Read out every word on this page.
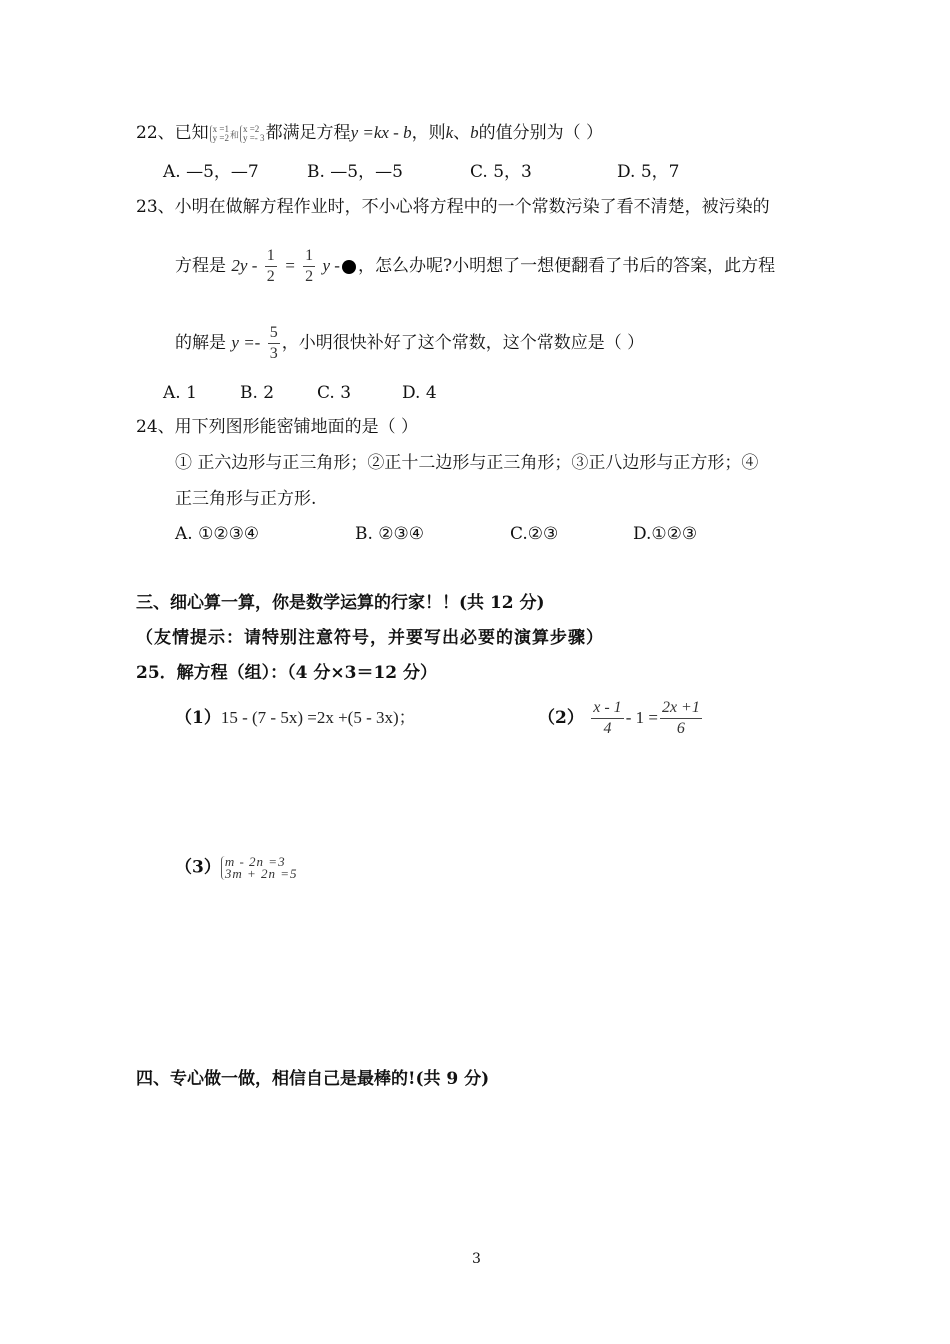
22、已知 x =1
y =2和x =2
y =- 3都满足方程y =kx - b，则k、b的值分别为（ ）
A. —5，—7	B. —5，—5	C. 5，3	D. 5，7
23、小明在做解方程作业时，不小心将方程中的一个常数污染了看不清楚，被污染的
方程是 $2y - \frac{1}{2} = \frac{1}{2}$ y - ，怎么办呢?小明想了一想便翻看了书后的答案，此方程
的解是 $y =- \frac{5}{3}$ ，小明很快补好了这个常数，这个常数应是（ ）
A. 1	B. 2	C. 3	D. 4
24、用下列图形能密铺地面的是（ ）
① 正六边形与正三角形；②正十二边形与正三角形；③正八边形与正方形；④
正三角形与正方形.
A. ①②③④	B. ②③④	C.②③	D.①②③
三、细心算一算，你是数学运算的行家！！(共 12 分)
（友情提示：请特别注意符号，并要写出必要的演算步骤）
25．解方程（组）：（4 分×3＝12 分）
（1）15 - (7 - 5x) =2x +(5 - 3x)；	$(2) \frac{x - 1}{4} - 1 = \frac{2x +1}{6}$
（3） m - 2n =3
3m + 2n =5
四、专心做一做，相信自己是最棒的!(共 9 分)
3
